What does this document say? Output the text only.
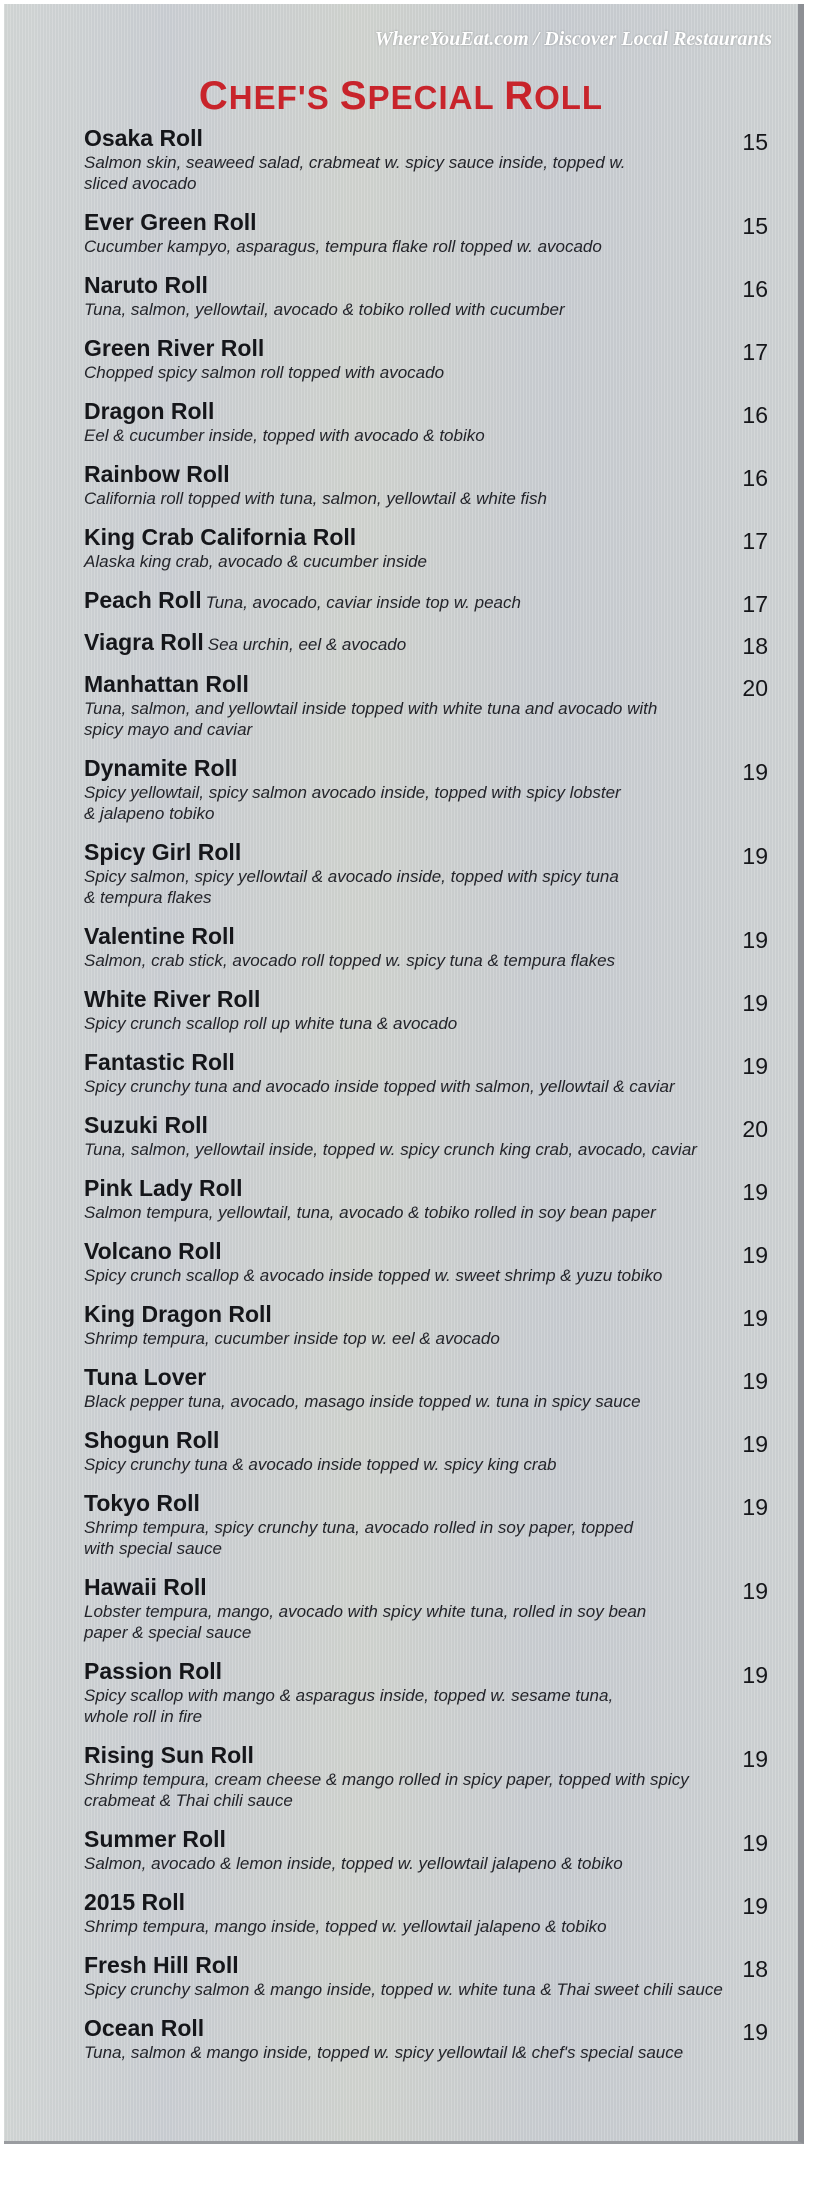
WhereYouEat.com / Discover Local Restaurants
CHEF'S SPECIAL ROLL
Osaka Roll	15
Salmon skin, seaweed salad, crabmeat w. spicy sauce inside, topped w.
sliced avocado
Ever Green Roll	15
Cucumber kampyo, asparagus, tempura flake roll topped w. avocado
Naruto Roll	16
Tuna, salmon, yellowtail, avocado & tobiko rolled with cucumber
Green River Roll	17
Chopped spicy salmon roll topped with avocado
Dragon Roll	16
Eel & cucumber inside, topped with avocado & tobiko
Rainbow Roll	16
California roll topped with tuna, salmon, yellowtail & white fish
King Crab California Roll	17
Alaska king crab, avocado & cucumber inside
Peach Roll Tuna, avocado, caviar inside top w. peach	17
Viagra Roll Sea urchin, eel & avocado	18
Manhattan Roll	20
Tuna, salmon, and yellowtail inside topped with white tuna and avocado with
spicy mayo and caviar
Dynamite Roll	19
Spicy yellowtail, spicy salmon avocado inside, topped with spicy lobster
& jalapeno tobiko
Spicy Girl Roll	19
Spicy salmon, spicy yellowtail & avocado inside, topped with spicy tuna
& tempura flakes
Valentine Roll	19
Salmon, crab stick, avocado roll topped w. spicy tuna & tempura flakes
White River Roll	19
Spicy crunch scallop roll up white tuna & avocado
Fantastic Roll	19
Spicy crunchy tuna and avocado inside topped with salmon, yellowtail & caviar
Suzuki Roll	20
Tuna, salmon, yellowtail inside, topped w. spicy crunch king crab, avocado, caviar
Pink Lady Roll	19
Salmon tempura, yellowtail, tuna, avocado & tobiko rolled in soy bean paper
Volcano Roll	19
Spicy crunch scallop & avocado inside topped w. sweet shrimp & yuzu tobiko
King Dragon Roll	19
Shrimp tempura, cucumber inside top w. eel & avocado
Tuna Lover	19
Black pepper tuna, avocado, masago inside topped w. tuna in spicy sauce
Shogun Roll	19
Spicy crunchy tuna & avocado inside topped w. spicy king crab
Tokyo Roll	19
Shrimp tempura, spicy crunchy tuna, avocado rolled in soy paper, topped
with special sauce
Hawaii Roll	19
Lobster tempura, mango, avocado with spicy white tuna, rolled in soy bean
paper & special sauce
Passion Roll	19
Spicy scallop with mango & asparagus inside, topped w. sesame tuna,
whole roll in fire
Rising Sun Roll	19
Shrimp tempura, cream cheese & mango rolled in spicy paper, topped with spicy
crabmeat & Thai chili sauce
Summer Roll	19
Salmon, avocado & lemon inside, topped w. yellowtail jalapeno & tobiko
2015 Roll	19
Shrimp tempura, mango inside, topped w. yellowtail jalapeno & tobiko
Fresh Hill Roll	18
Spicy crunchy salmon & mango inside, topped w. white tuna & Thai sweet chili sauce
Ocean Roll	19
Tuna, salmon & mango inside, topped w. spicy yellowtail l& chef's special sauce
